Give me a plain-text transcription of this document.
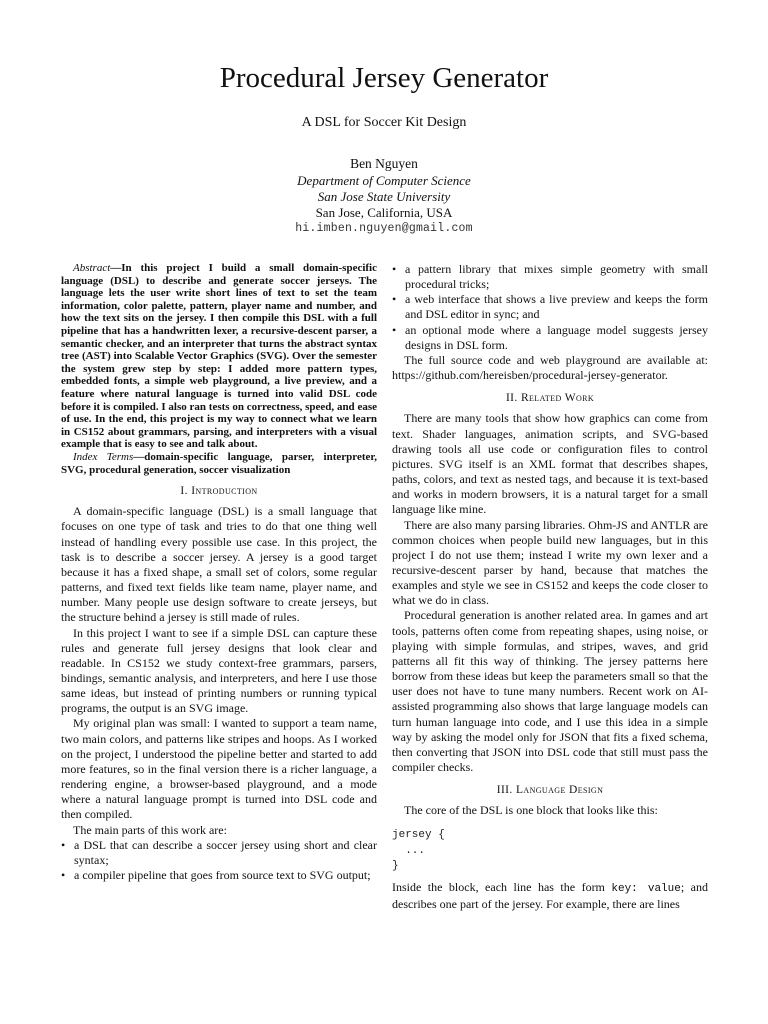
Procedural Jersey Generator
A DSL for Soccer Kit Design
Ben Nguyen
Department of Computer Science
San Jose State University
San Jose, California, USA
hi.imben.nguyen@gmail.com

Abstract—In this project I build a small domain-specific language (DSL) to describe and generate soccer jerseys. The language lets the user write short lines of text to set the team information, color palette, pattern, player name and number, and how the text sits on the jersey. I then compile this DSL with a full pipeline that has a handwritten lexer, a recursive-descent parser, a semantic checker, and an interpreter that turns the abstract syntax tree (AST) into Scalable Vector Graphics (SVG). Over the semester the system grew step by step: I added more pattern types, embedded fonts, a simple web playground, a live preview, and a feature where natural language is turned into valid DSL code before it is compiled. I also ran tests on correctness, speed, and ease of use. In the end, this project is my way to connect what we learn in CS152 about grammars, parsing, and interpreters with a visual example that is easy to see and talk about.

Index Terms—domain-specific language, parser, interpreter, SVG, procedural generation, soccer visualization

I. Introduction

A domain-specific language (DSL) is a small language that focuses on one type of task and tries to do that one thing well instead of handling every possible use case. In this project, the task is to describe a soccer jersey. A jersey is a good target because it has a fixed shape, a small set of colors, some regular patterns, and fixed text fields like team name, player name, and number. Many people use design software to create jerseys, but the structure behind a jersey is still made of rules.

In this project I want to see if a simple DSL can capture these rules and generate full jersey designs that look clear and readable. In CS152 we study context-free grammars, parsers, bindings, semantic analysis, and interpreters, and here I use those same ideas, but instead of printing numbers or running typical programs, the output is an SVG image.

My original plan was small: I wanted to support a team name, two main colors, and patterns like stripes and hoops. As I worked on the project, I understood the pipeline better and started to add more features, so in the final version there is a richer language, a rendering engine, a browser-based playground, and a mode where a natural language prompt is turned into DSL code and then compiled.

The main parts of this work are:

• a DSL that can describe a soccer jersey using short and clear syntax;
• a compiler pipeline that goes from source text to SVG output;
• a pattern library that mixes simple geometry with small procedural tricks;
• a web interface that shows a live preview and keeps the form and DSL editor in sync; and
• an optional mode where a language model suggests jersey designs in DSL form.

The full source code and web playground are available at: https://github.com/hereisben/procedural-jersey-generator.

II. Related Work

There are many tools that show how graphics can come from text. Shader languages, animation scripts, and SVG-based drawing tools all use code or configuration files to control pictures. SVG itself is an XML format that describes shapes, paths, colors, and text as nested tags, and because it is text-based and works in modern browsers, it is a natural target for a small language like mine.

There are also many parsing libraries. Ohm-JS and ANTLR are common choices when people build new languages, but in this project I do not use them; instead I write my own lexer and a recursive-descent parser by hand, because that matches the examples and style we see in CS152 and keeps the code closer to what we do in class.

Procedural generation is another related area. In games and art tools, patterns often come from repeating shapes, using noise, or playing with simple formulas, and stripes, waves, and grid patterns all fit this way of thinking. The jersey patterns here borrow from these ideas but keep the parameters small so that the user does not have to tune many numbers. Recent work on AI-assisted programming also shows that large language models can turn human language into code, and I use this idea in a simple way by asking the model only for JSON that fits a fixed schema, then converting that JSON into DSL code that still must pass the compiler checks.

III. Language Design

The core of the DSL is one block that looks like this:

jersey {
...
}

Inside the block, each line has the form key: value; and describes one part of the jersey. For example, there are lines
